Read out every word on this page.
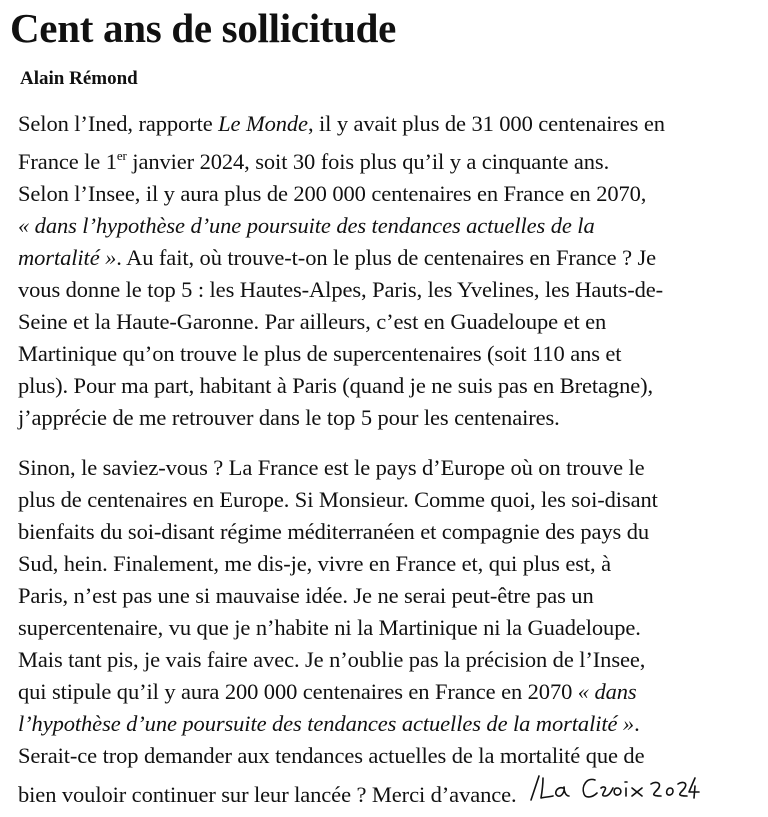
Cent ans de sollicitude
Alain Rémond
Selon l’Ined, rapporte Le Monde, il y avait plus de 31 000 centenaires en
France le 1er janvier 2024, soit 30 fois plus qu’il y a cinquante ans.
Selon l’Insee, il y aura plus de 200 000 centenaires en France en 2070,
« dans l’hypothèse d’une poursuite des tendances actuelles de la
mortalité ». Au fait, où trouve-t-on le plus de centenaires en France ? Je
vous donne le top 5 : les Hautes-Alpes, Paris, les Yvelines, les Hauts-de-
Seine et la Haute-Garonne. Par ailleurs, c’est en Guadeloupe et en
Martinique qu’on trouve le plus de supercentenaires (soit 110 ans et
plus). Pour ma part, habitant à Paris (quand je ne suis pas en Bretagne),
j’apprécie de me retrouver dans le top 5 pour les centenaires.
Sinon, le saviez-vous ? La France est le pays d’Europe où on trouve le
plus de centenaires en Europe. Si Monsieur. Comme quoi, les soi-disant
bienfaits du soi-disant régime méditerranéen et compagnie des pays du
Sud, hein. Finalement, me dis-je, vivre en France et, qui plus est, à
Paris, n’est pas une si mauvaise idée. Je ne serai peut-être pas un
supercentenaire, vu que je n’habite ni la Martinique ni la Guadeloupe.
Mais tant pis, je vais faire avec. Je n’oublie pas la précision de l’Insee,
qui stipule qu’il y aura 200 000 centenaires en France en 2070 « dans
l’hypothèse d’une poursuite des tendances actuelles de la mortalité ».
Serait-ce trop demander aux tendances actuelles de la mortalité que de
bien vouloir continuer sur leur lancée ? Merci d’avance.
